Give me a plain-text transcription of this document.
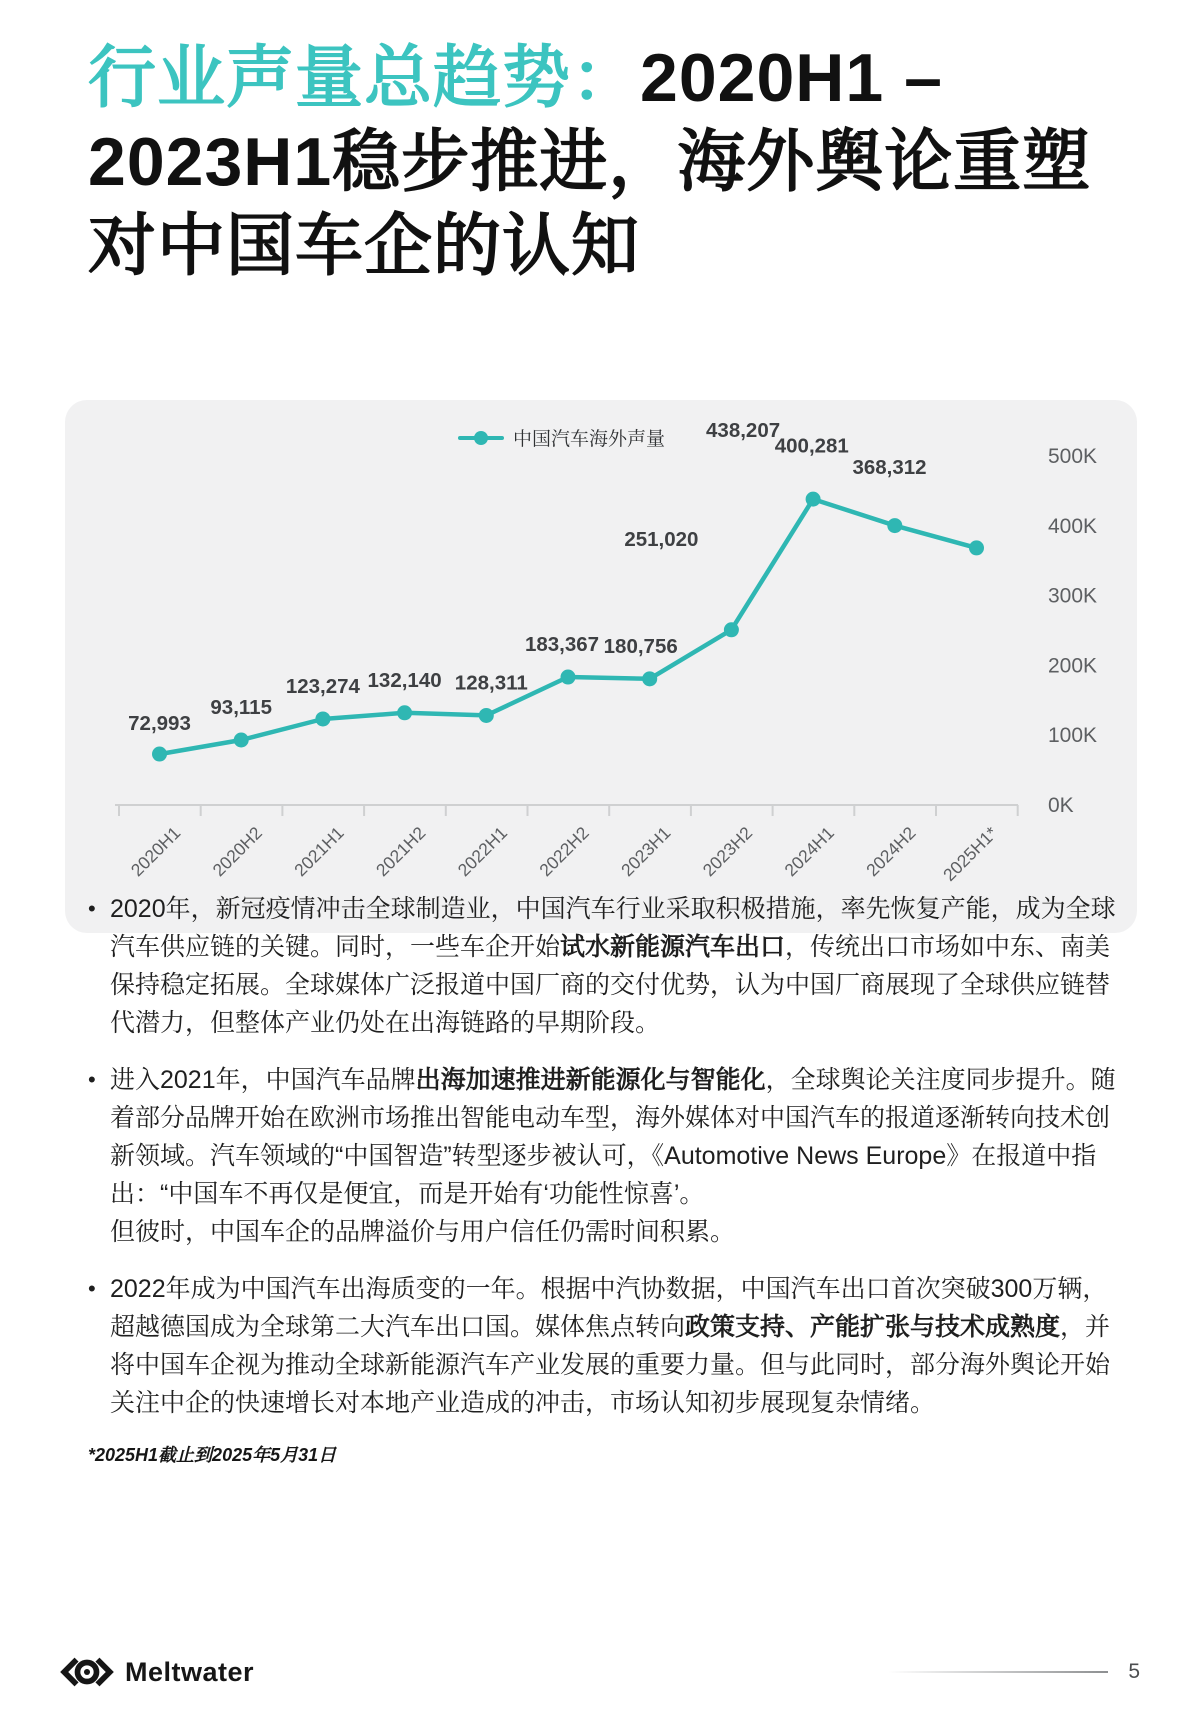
行业声量总趋势：2020H1 – 2023H1稳步推进，海外舆论重塑对中国车企的认知
中国汽车海外声量
500K
400K
300K
200K
100K
0K
2020H1 2020H2 2021H1 2021H2 2022H1 2022H2 2023H1 2023H2 2024H1 2024H2 2025H1*
72,993
93,115
123,274 132,140 128,311
183,367 180,756
251,020
438,207
400,281
368,312
• 2020年，新冠疫情冲击全球制造业，中国汽车行业采取积极措施，率先恢复产能，成为全球汽车供应链的关键。同时，一些车企开始试水新能源汽车出口，传统出口市场如中东、南美保持稳定拓展。全球媒体广泛报道中国厂商的交付优势，认为中国厂商展现了全球供应链替代潜力，但整体产业仍处在出海链路的早期阶段。
• 进入2021年，中国汽车品牌出海加速推进新能源化与智能化，全球舆论关注度同步提升。随着部分品牌开始在欧洲市场推出智能电动车型，海外媒体对中国汽车的报道逐渐转向技术创新领域。汽车领域的“中国智造”转型逐步被认可，《Automotive News Europe》在报道中指出：“中国车不再仅是便宜，而是开始有‘功能性惊喜’。
但彼时，中国车企的品牌溢价与用户信任仍需时间积累。
• 2022年成为中国汽车出海质变的一年。根据中汽协数据，中国汽车出口首次突破300万辆，超越德国成为全球第二大汽车出口国。媒体焦点转向政策支持、产能扩张与技术成熟度，并将中国车企视为推动全球新能源汽车产业发展的重要力量。但与此同时，部分海外舆论开始关注中企的快速增长对本地产业造成的冲击，市场认知初步展现复杂情绪。
*2025H1截止到2025年5月31日
Meltwater	5
